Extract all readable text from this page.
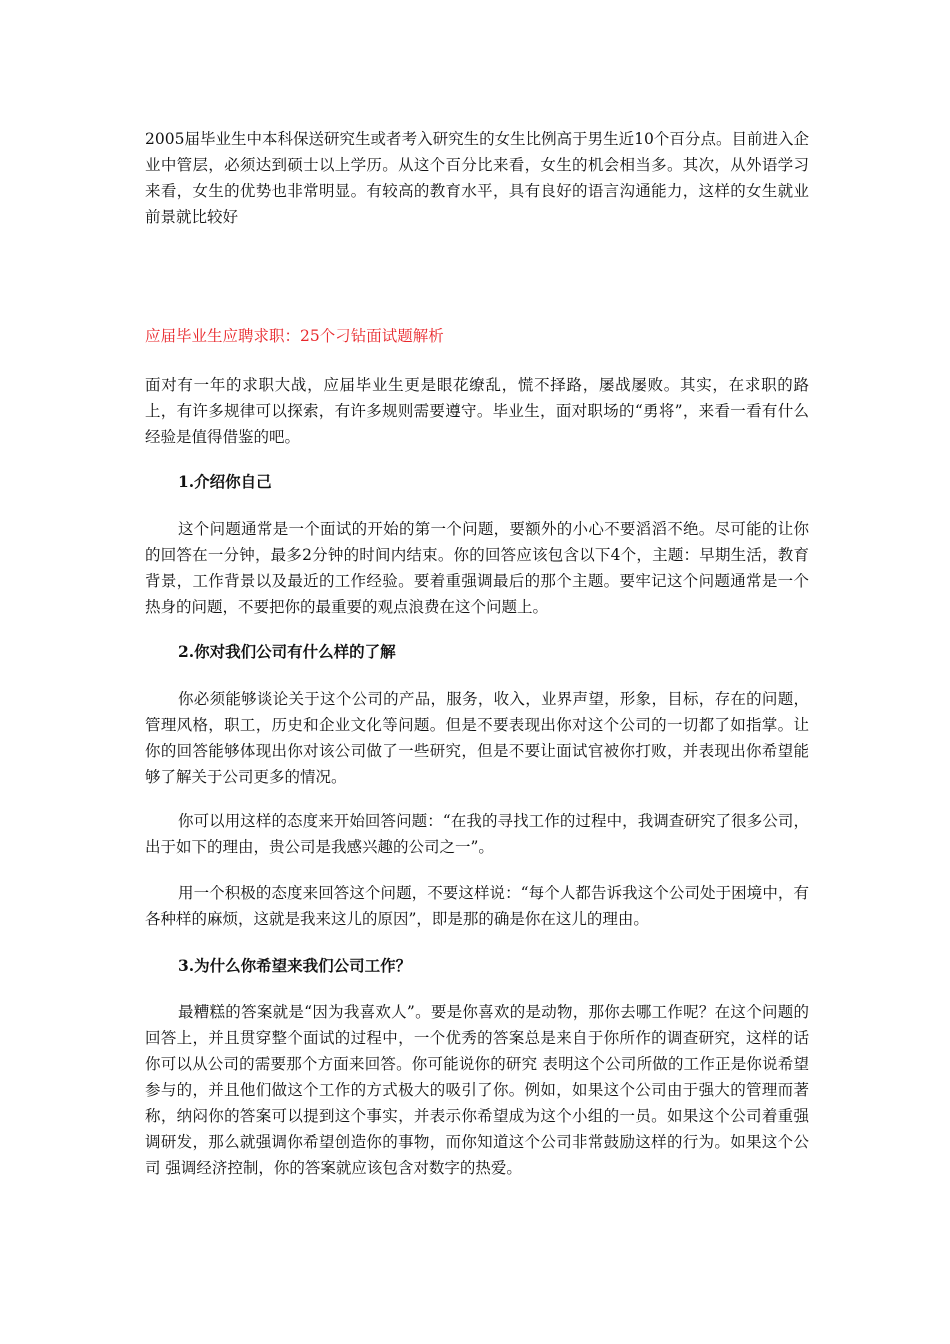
2005届毕业生中本科保送研究生或者考入研究生的女生比例高于男生近10个百分点。目前进入企业中管层，必须达到硕士以上学历。从这个百分比来看，女生的机会相当多。其次，从外语学习来看，女生的优势也非常明显。有较高的教育水平，具有良好的语言沟通能力，这样的女生就业前景就比较好

应届毕业生应聘求职：25个刁钻面试题解析

面对有一年的求职大战，应届毕业生更是眼花缭乱，慌不择路，屡战屡败。其实，在求职的路上，有许多规律可以探索，有许多规则需要遵守。毕业生，面对职场的“勇将”，来看一看有什么经验是值得借鉴的吧。

1.介绍你自己

这个问题通常是一个面试的开始的第一个问题，要额外的小心不要滔滔不绝。尽可能的让你的回答在一分钟，最多2分钟的时间内结束。你的回答应该包含以下4个，主题：早期生活，教育背景，工作背景以及最近的工作经验。要着重强调最后的那个主题。要牢记这个问题通常是一个热身的问题，不要把你的最重要的观点浪费在这个问题上。

2.你对我们公司有什么样的了解

你必须能够谈论关于这个公司的产品，服务，收入，业界声望，形象，目标，存在的问题，管理风格，职工，历史和企业文化等问题。但是不要表现出你对这个公司的一切都了如指掌。让你的回答能够体现出你对该公司做了一些研究，但是不要让面试官被你打败，并表现出你希望能够了解关于公司更多的情况。

你可以用这样的态度来开始回答问题：“在我的寻找工作的过程中，我调查研究了很多公司，出于如下的理由，贵公司是我感兴趣的公司之一”。

用一个积极的态度来回答这个问题，不要这样说：“每个人都告诉我这个公司处于困境中，有各种样的麻烦，这就是我来这儿的原因”，即是那的确是你在这儿的理由。

3.为什么你希望来我们公司工作？

最糟糕的答案就是“因为我喜欢人”。要是你喜欢的是动物，那你去哪工作呢？在这个问题的回答上，并且贯穿整个面试的过程中，一个优秀的答案总是来自于你所作的调查研究，这样的话你可以从公司的需要那个方面来回答。你可能说你的研究 表明这个公司所做的工作正是你说希望参与的，并且他们做这个工作的方式极大的吸引了你。例如，如果这个公司由于强大的管理而著称，纳闷你的答案可以提到这个事实，并表示你希望成为这个小组的一员。如果这个公司着重强调研发，那么就强调你希望创造你的事物，而你知道这个公司非常鼓励这样的行为。如果这个公司 强调经济控制，你的答案就应该包含对数字的热爱。
